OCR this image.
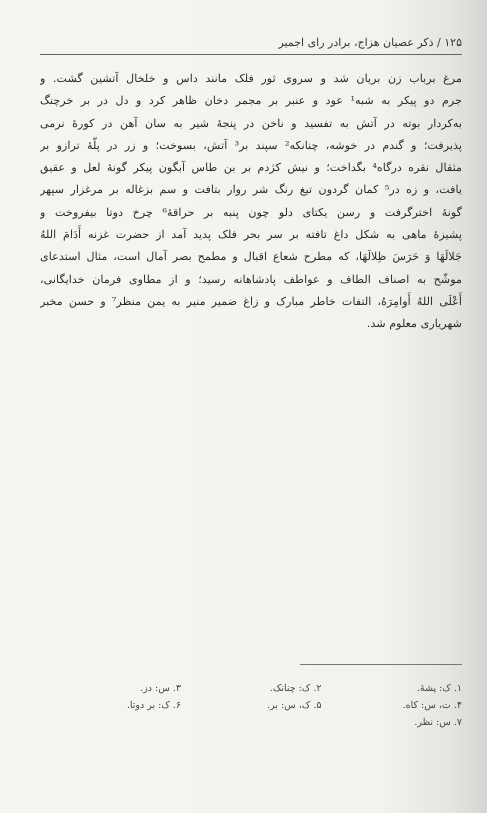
۱۲۵ / ذکر عصیان هزاج، برادر رای اجمیر
مرغ برباب زن بریان شد و سروی ثور فلک مانند داس و خلخال آتشین گشت. و
جرم دو پیکر به شبه¹ عود و عنبر بر مجمر دخان ظاهر کرد و دل در بر خرچنگ
به‌کردار بوته در آتش به تفسید و ناخن در پنجهٔ شیر به سان آهن در کورهٔ نرمی
پذیرفت؛ و گندم در خوشه، چنانکه² سپند بر³ آتش، بسوخت؛ و زر در پلّهٔ ترازو بر
مثقال نقره درگاه⁴ بگداخت؛ و نیش کژدم بر بن طاس آبگون پیکر گونهٔ لعل و عقیق
یافت، و زه در⁵ کمان گردون تیغ رنگ شر روار بتافت و سم بزغاله بر مرغزار سپهر
گونهٔ اخترگرفت و رسن یکتای دلو چون پنبه بر حراقهٔ⁶ چرخ دوتا بیفروخت و
پشیزهٔ ماهی به شکل داغ تافته بر سر بحر فلک پدید آمد از حضرت غزنه أَدَامَ اللهُ
جَلالَهَا وَ حَرَسَ ظِلالَهَا، که مطرح شعاع اقبال و مطمح بصر آمال است، مثال استدعای
موشّح به اصناف الطاف و عواطف پادشاهانه رسید؛ و از مطاوی فرمان خدایگانی،
أَعْلَی اللهُ أَوامِرَهُ، التفات خاطر مبارک و زاغ ضمیر منیر به یمن منظر⁷ و حسن مخبر
شهریاری معلوم شد.
۱. ک: پشهٔ.
۲. ک: چنانک.
۳. س: دز.
۴. ت، س: کاه.
۵. ک، س: بر.
۶. ک: بر دوتا.
۷. س: نظر.
